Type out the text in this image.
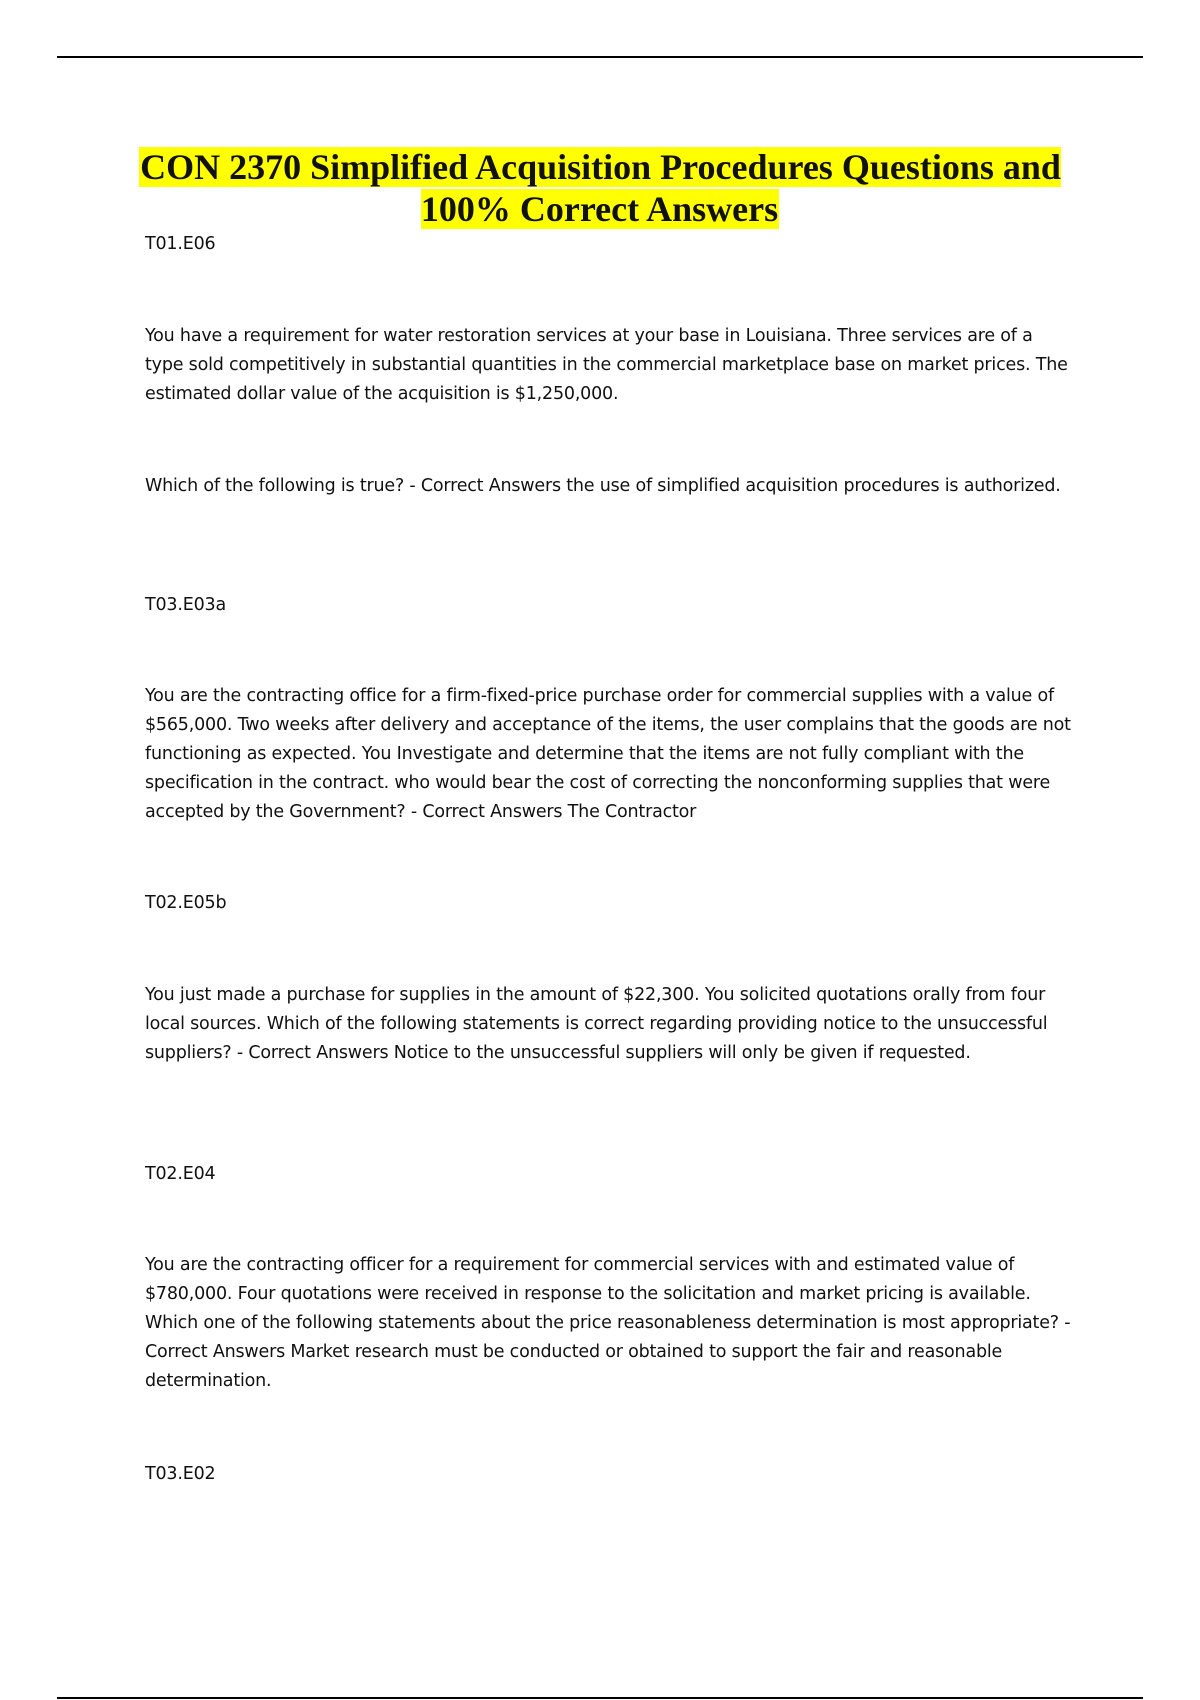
CON 2370 Simplified Acquisition Procedures Questions and 100% Correct Answers

T01.E06

You have a requirement for water restoration services at your base in Louisiana. Three services are of a type sold competitively in substantial quantities in the commercial marketplace base on market prices. The estimated dollar value of the acquisition is $1,250,000.

Which of the following is true? - Correct Answers the use of simplified acquisition procedures is authorized.

T03.E03a

You are the contracting office for a firm-fixed-price purchase order for commercial supplies with a value of $565,000. Two weeks after delivery and acceptance of the items, the user complains that the goods are not functioning as expected. You Investigate and determine that the items are not fully compliant with the specification in the contract. who would bear the cost of correcting the nonconforming supplies that were accepted by the Government? - Correct Answers The Contractor

T02.E05b

You just made a purchase for supplies in the amount of $22,300. You solicited quotations orally from four local sources. Which of the following statements is correct regarding providing notice to the unsuccessful suppliers? - Correct Answers Notice to the unsuccessful suppliers will only be given if requested.

T02.E04

You are the contracting officer for a requirement for commercial services with and estimated value of $780,000. Four quotations were received in response to the solicitation and market pricing is available. Which one of the following statements about the price reasonableness determination is most appropriate? - Correct Answers Market research must be conducted or obtained to support the fair and reasonable determination.

T03.E02
